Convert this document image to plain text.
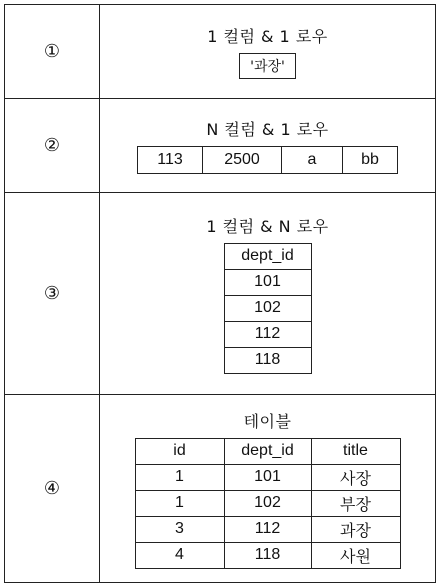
①	
1 컬럼 & 1 로우
'과장'
②	
N 컬럼 & 1 로우
113	2500	a	bb

③	
1 컬럼 & N 로우
dept_id
101
102
112
118

④	
테이블
id	dept_id	title
1	101	사장
1	102	부장
3	112	과장
4	118	사원
